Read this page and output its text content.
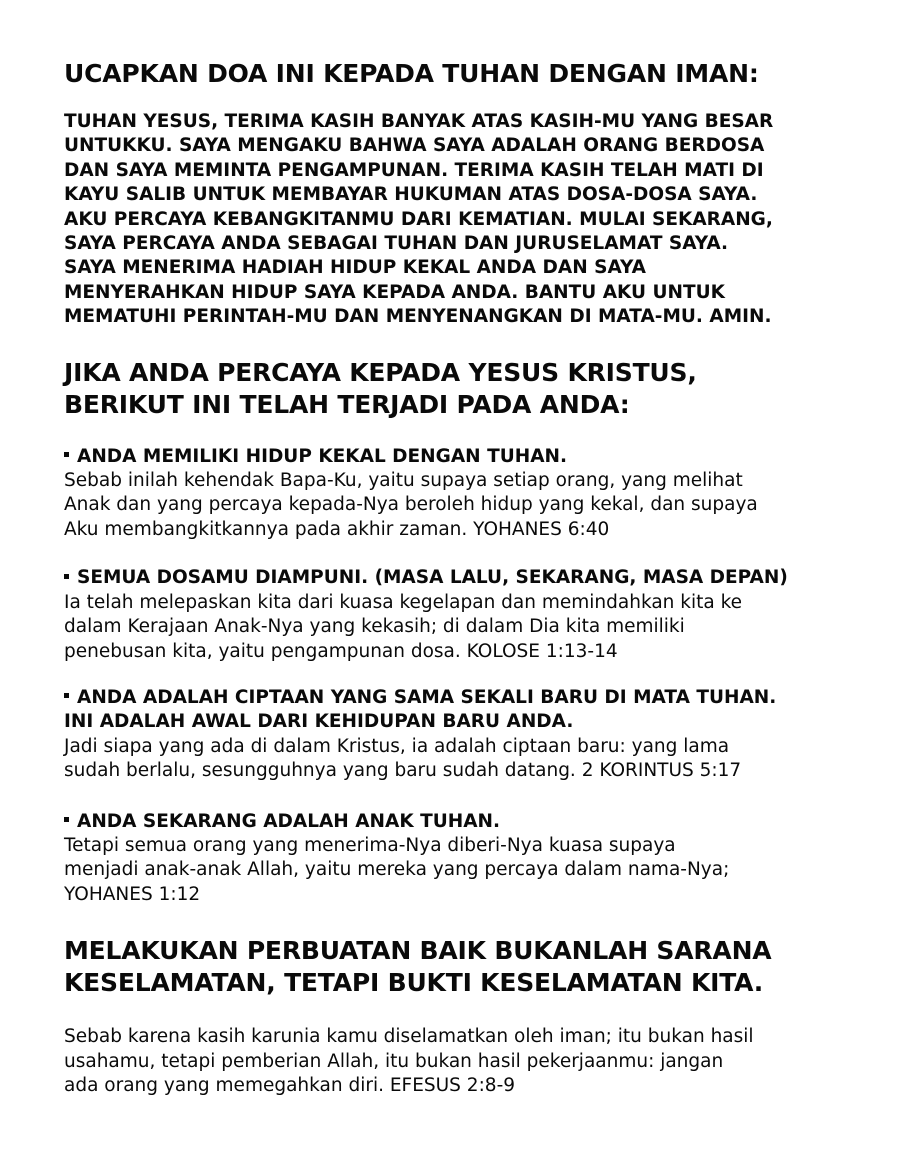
UCAPKAN DOA INI KEPADA TUHAN DENGAN IMAN:
TUHAN YESUS, TERIMA KASIH BANYAK ATAS KASIH-MU YANG BESAR
UNTUKKU. SAYA MENGAKU BAHWA SAYA ADALAH ORANG BERDOSA
DAN SAYA MEMINTA PENGAMPUNAN. TERIMA KASIH TELAH MATI DI
KAYU SALIB UNTUK MEMBAYAR HUKUMAN ATAS DOSA-DOSA SAYA.
AKU PERCAYA KEBANGKITANMU DARI KEMATIAN. MULAI SEKARANG,
SAYA PERCAYA ANDA SEBAGAI TUHAN DAN JURUSELAMAT SAYA.
SAYA MENERIMA HADIAH HIDUP KEKAL ANDA DAN SAYA
MENYERAHKAN HIDUP SAYA KEPADA ANDA. BANTU AKU UNTUK
MEMATUHI PERINTAH-MU DAN MENYENANGKAN DI MATA-MU. AMIN.
JIKA ANDA PERCAYA KEPADA YESUS KRISTUS,
BERIKUT INI TELAH TERJADI PADA ANDA:
ANDA MEMILIKI HIDUP KEKAL DENGAN TUHAN.
Sebab inilah kehendak Bapa-Ku, yaitu supaya setiap orang, yang melihat
Anak dan yang percaya kepada-Nya beroleh hidup yang kekal, dan supaya
Aku membangkitkannya pada akhir zaman. YOHANES 6:40
SEMUA DOSAMU DIAMPUNI. (MASA LALU, SEKARANG, MASA DEPAN)
Ia telah melepaskan kita dari kuasa kegelapan dan memindahkan kita ke
dalam Kerajaan Anak-Nya yang kekasih; di dalam Dia kita memiliki
penebusan kita, yaitu pengampunan dosa. KOLOSE 1:13-14
ANDA ADALAH CIPTAAN YANG SAMA SEKALI BARU DI MATA TUHAN.
INI ADALAH AWAL DARI KEHIDUPAN BARU ANDA.
Jadi siapa yang ada di dalam Kristus, ia adalah ciptaan baru: yang lama
sudah berlalu, sesungguhnya yang baru sudah datang. 2 KORINTUS 5:17
ANDA SEKARANG ADALAH ANAK TUHAN.
Tetapi semua orang yang menerima-Nya diberi-Nya kuasa supaya
menjadi anak-anak Allah, yaitu mereka yang percaya dalam nama-Nya;
YOHANES 1:12
MELAKUKAN PERBUATAN BAIK BUKANLAH SARANA
KESELAMATAN, TETAPI BUKTI KESELAMATAN KITA.
Sebab karena kasih karunia kamu diselamatkan oleh iman; itu bukan hasil
usahamu, tetapi pemberian Allah, itu bukan hasil pekerjaanmu: jangan
ada orang yang memegahkan diri. EFESUS 2:8-9
